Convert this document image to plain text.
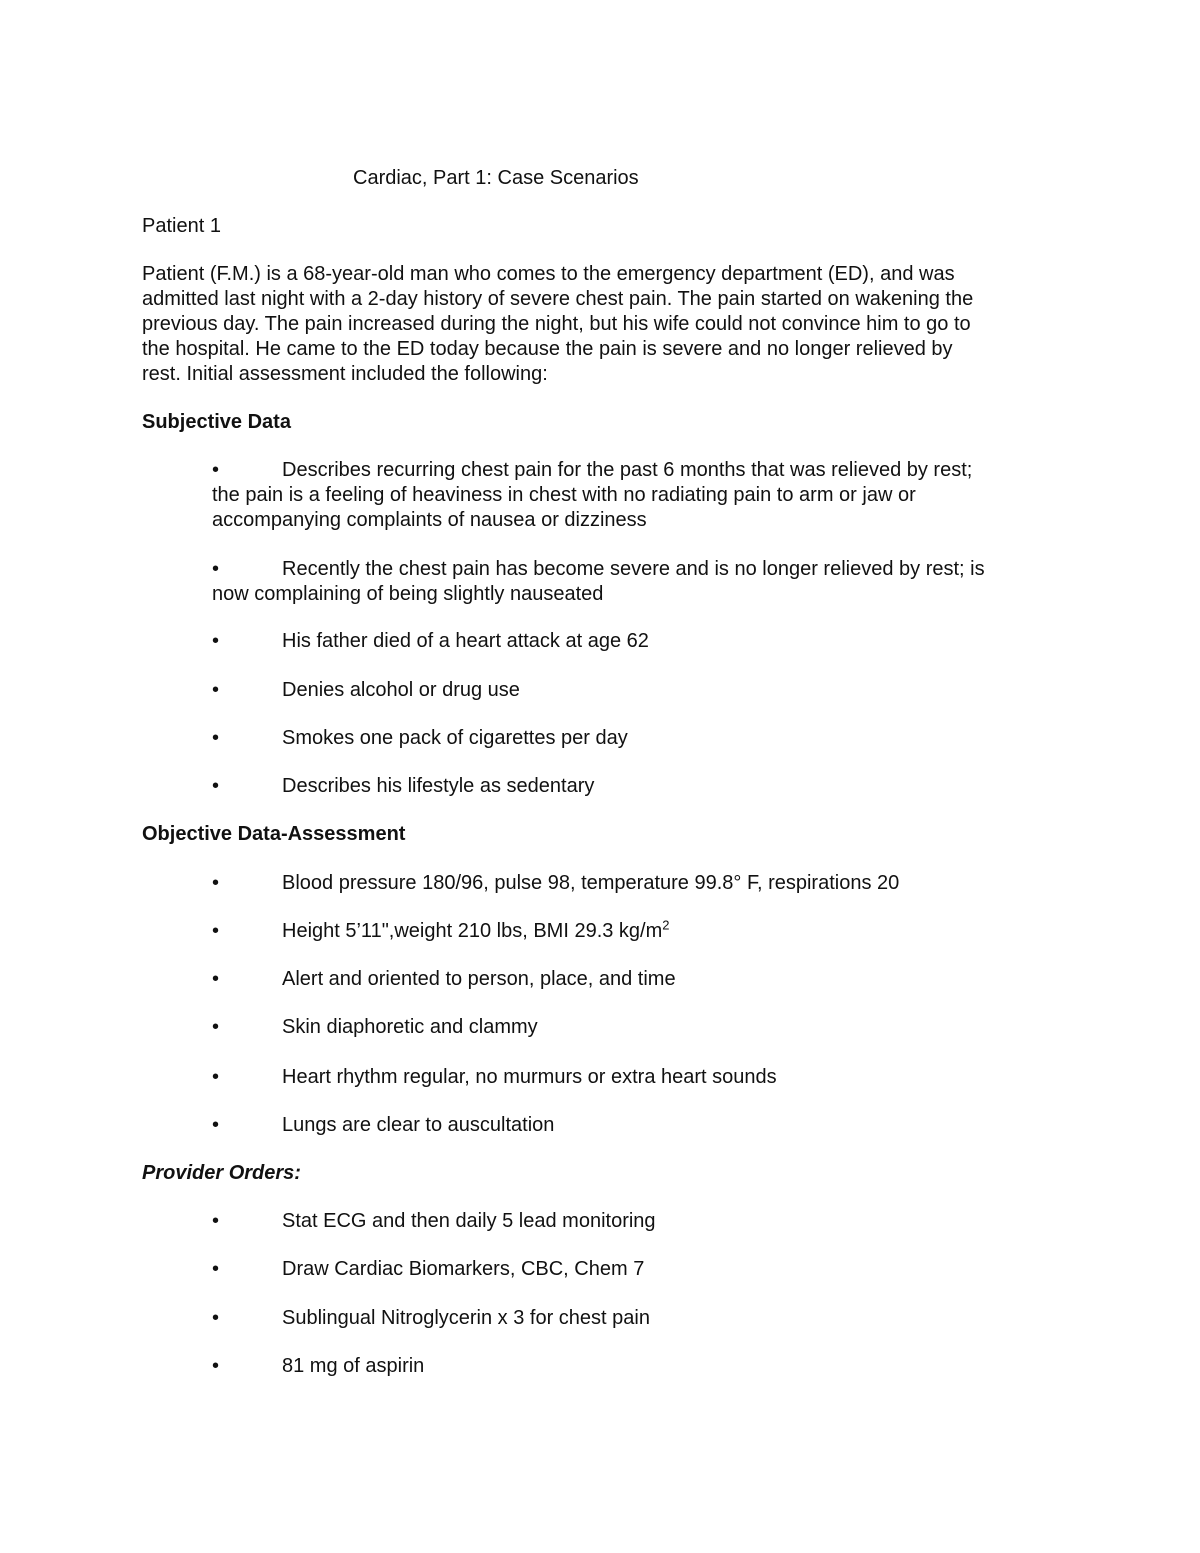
Cardiac, Part 1: Case Scenarios
Patient 1
Patient (F.M.) is a 68-year-old man who comes to the emergency department (ED), and was
admitted last night with a 2-day history of severe chest pain. The pain started on wakening the
previous day. The pain increased during the night, but his wife could not convince him to go to
the hospital. He came to the ED today because the pain is severe and no longer relieved by
rest. Initial assessment included the following:
Subjective Data
•	Describes recurring chest pain for the past 6 months that was relieved by rest;
the pain is a feeling of heaviness in chest with no radiating pain to arm or jaw or
accompanying complaints of nausea or dizziness
•	Recently the chest pain has become severe and is no longer relieved by rest; is
now complaining of being slightly nauseated
•	His father died of a heart attack at age 62
•	Denies alcohol or drug use
•	Smokes one pack of cigarettes per day
•	Describes his lifestyle as sedentary
Objective Data-Assessment
•	Blood pressure 180/96, pulse 98, temperature 99.8° F, respirations 20
•	Height 5’11",weight 210 lbs, BMI 29.3 $kg/m^2$
•	Alert and oriented to person, place, and time
•	Skin diaphoretic and clammy
•	Heart rhythm regular, no murmurs or extra heart sounds
•	Lungs are clear to auscultation
Provider Orders:
•	Stat ECG and then daily 5 lead monitoring
•	Draw Cardiac Biomarkers, CBC, Chem 7
•	Sublingual Nitroglycerin x 3 for chest pain
•	81 mg of aspirin
